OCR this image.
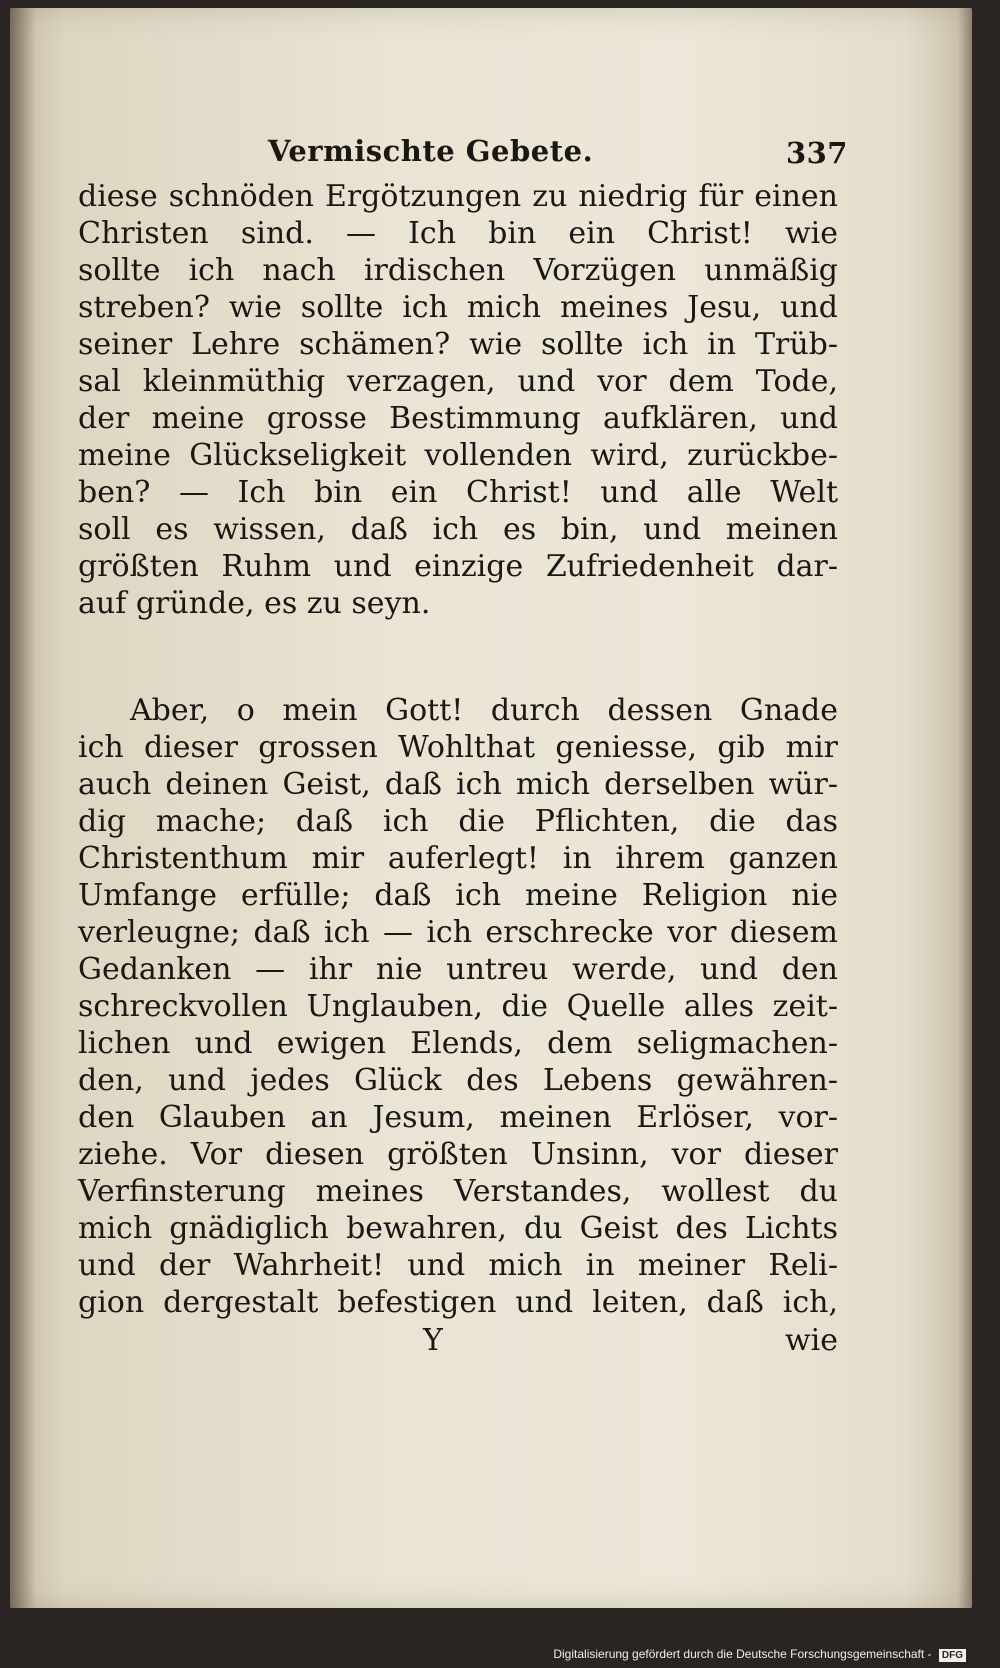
Vermischte Gebete.	337
diese schnöden Ergötzungen zu niedrig für einen
Christen sind. — Ich bin ein Christ! wie
sollte ich nach irdischen Vorzügen unmäßig
streben? wie sollte ich mich meines Jesu, und
seiner Lehre schämen? wie sollte ich in Trüb-
sal kleinmüthig verzagen, und vor dem Tode,
der meine grosse Bestimmung aufklären, und
meine Glückseligkeit vollenden wird, zurückbe-
ben? — Ich bin ein Christ! und alle Welt
soll es wissen, daß ich es bin, und meinen
größten Ruhm und einzige Zufriedenheit dar-
auf gründe, es zu seyn.
Aber, o mein Gott! durch dessen Gnade
ich dieser grossen Wohlthat geniesse, gib mir
auch deinen Geist, daß ich mich derselben wür-
dig mache; daß ich die Pflichten, die das
Christenthum mir auferlegt! in ihrem ganzen
Umfange erfülle; daß ich meine Religion nie
verleugne; daß ich — ich erschrecke vor diesem
Gedanken — ihr nie untreu werde, und den
schreckvollen Unglauben, die Quelle alles zeit-
lichen und ewigen Elends, dem seligmachen-
den, und jedes Glück des Lebens gewähren-
den Glauben an Jesum, meinen Erlöser, vor-
ziehe. Vor diesen größten Unsinn, vor dieser
Verfinsterung meines Verstandes, wollest du
mich gnädiglich bewahren, du Geist des Lichts
und der Wahrheit! und mich in meiner Reli-
gion dergestalt befestigen und leiten, daß ich,
Y	wie
Digitalisierung gefördert durch die Deutsche Forschungsgemeinschaft - DFG
